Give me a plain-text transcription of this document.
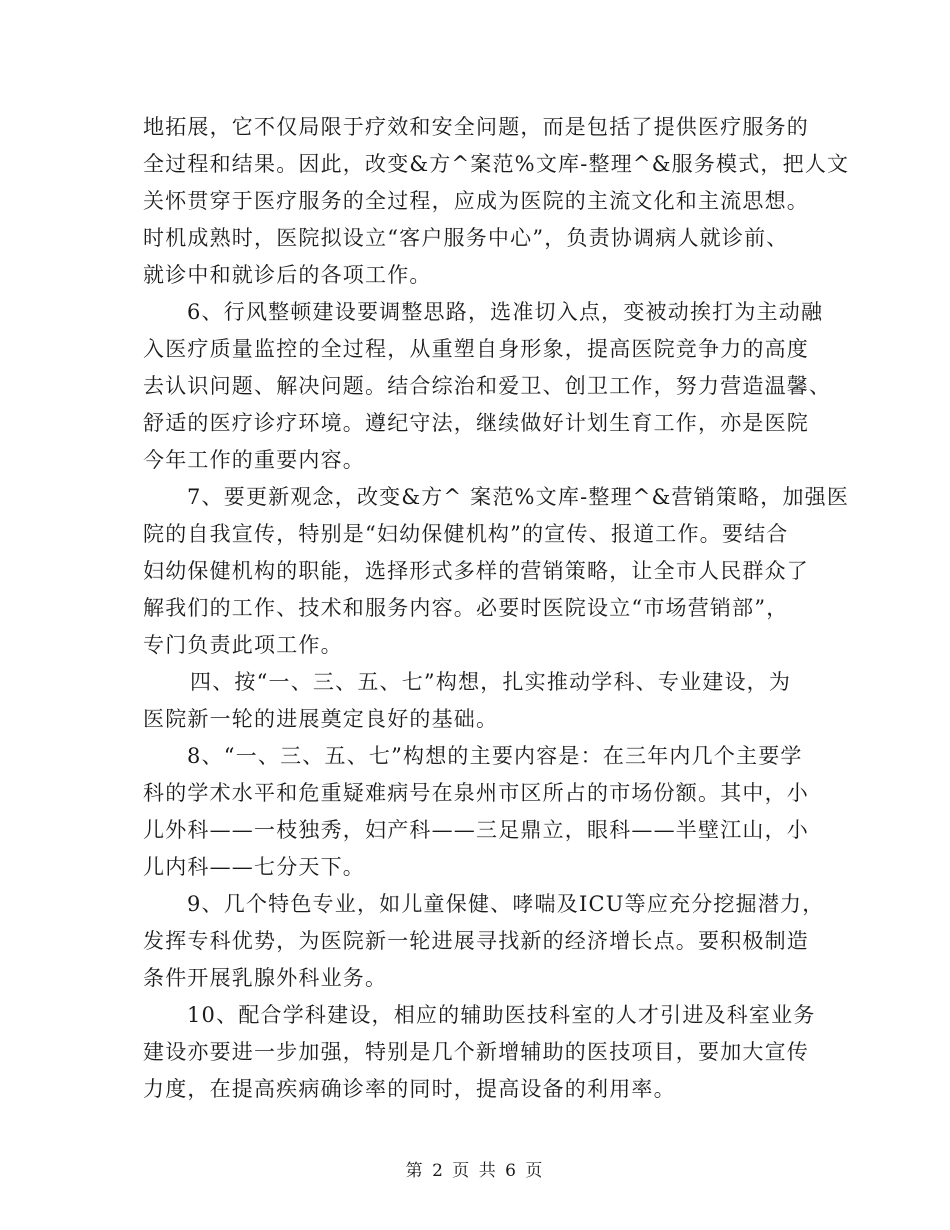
地拓展，它不仅局限于疗效和安全问题，而是包括了提供医疗服务的
全过程和结果。因此，改变&方^案范%文库-整理^&服务模式，把人文
关怀贯穿于医疗服务的全过程，应成为医院的主流文化和主流思想。
时机成熟时，医院拟设立“客户服务中心”，负责协调病人就诊前、
就诊中和就诊后的各项工作。
6、行风整顿建设要调整思路，选准切入点，变被动挨打为主动融
入医疗质量监控的全过程，从重塑自身形象，提高医院竞争力的高度
去认识问题、解决问题。结合综治和爱卫、创卫工作，努力营造温馨、
舒适的医疗诊疗环境。遵纪守法，继续做好计划生育工作，亦是医院
今年工作的重要内容。
7、要更新观念，改变&方^ 案范%文库-整理^&营销策略，加强医
院的自我宣传，特别是“妇幼保健机构”的宣传、报道工作。要结合
妇幼保健机构的职能，选择形式多样的营销策略，让全市人民群众了
解我们的工作、技术和服务内容。必要时医院设立“市场营销部”，
专门负责此项工作。
四、按“一、三、五、七”构想，扎实推动学科、专业建设，为
医院新一轮的进展奠定良好的基础。
8、“一、三、五、七”构想的主要内容是：在三年内几个主要学
科的学术水平和危重疑难病号在泉州市区所占的市场份额。其中，小
儿外科——一枝独秀，妇产科——三足鼎立，眼科——半壁江山，小
儿内科——七分天下。
9、几个特色专业，如儿童保健、哮喘及ICU等应充分挖掘潜力，
发挥专科优势，为医院新一轮进展寻找新的经济增长点。要积极制造
条件开展乳腺外科业务。
10、配合学科建设，相应的辅助医技科室的人才引进及科室业务
建设亦要进一步加强，特别是几个新增辅助的医技项目，要加大宣传
力度，在提高疾病确诊率的同时，提高设备的利用率。
第 2 页 共 6 页
